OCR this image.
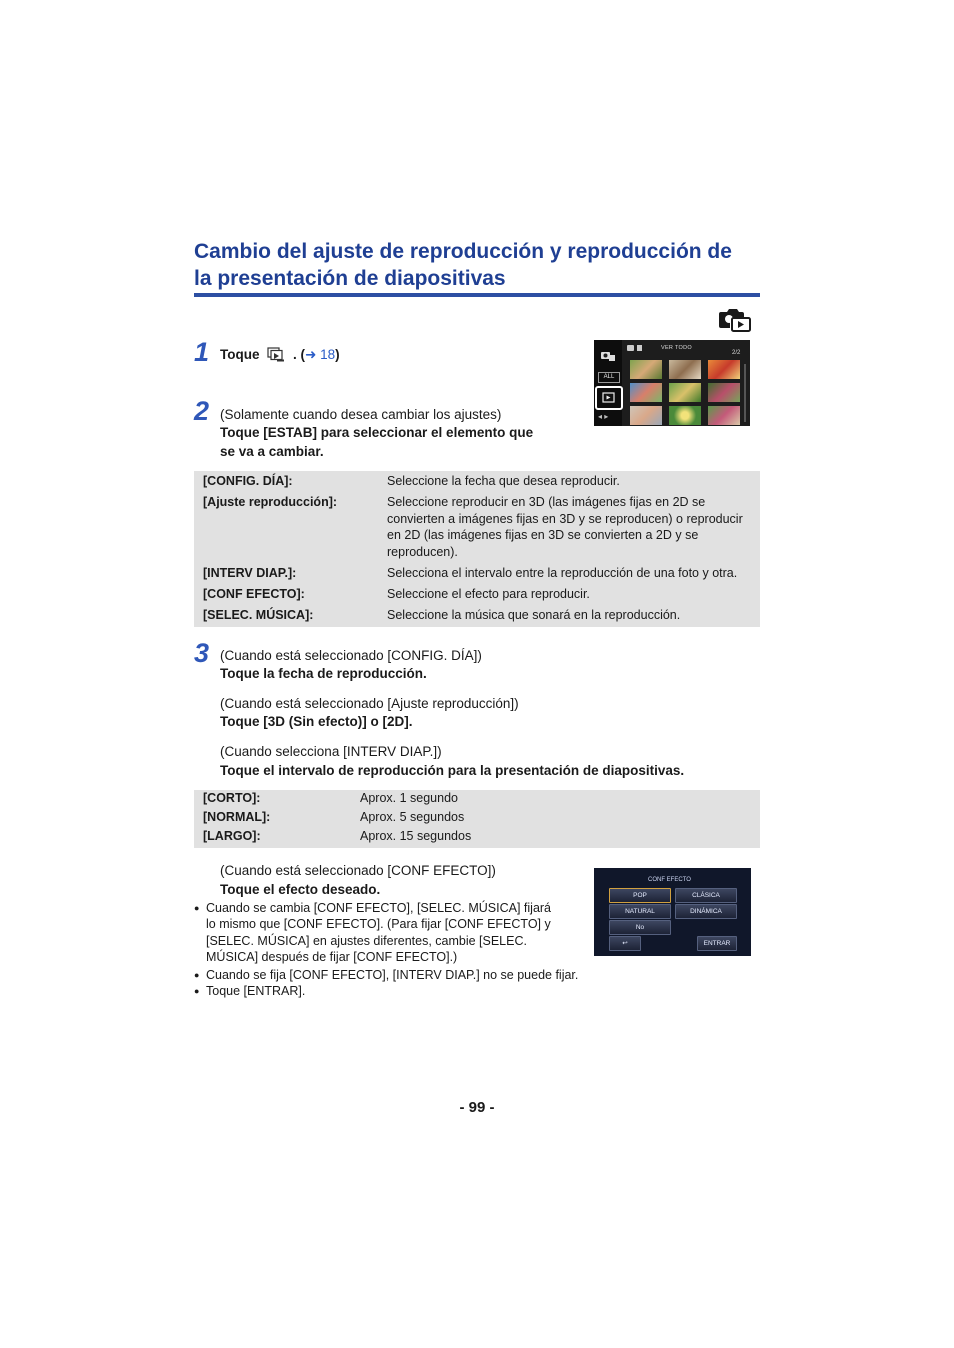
Cambio del ajuste de reproducción y reproducción de
la presentación de diapositivas
1 Toque . (➜ 18)
ALL
◂ ▸
VER TODO
2/2
2 (Solamente cuando desea cambiar los ajustes)
Toque [ESTAB] para seleccionar el elemento que
se va a cambiar.
[CONFIG. DÍA]:	Seleccione la fecha que desea reproducir.
[Ajuste reproducción]:	Seleccione reproducir en 3D (las imágenes fijas en 2D se
convierten a imágenes fijas en 3D y se reproducen) o reproducir
en 2D (las imágenes fijas en 3D se convierten a 2D y se
reproducen).
[INTERV DIAP.]:	Selecciona el intervalo entre la reproducción de una foto y otra.
[CONF EFECTO]:	Seleccione el efecto para reproducir.
[SELEC. MÚSICA]:	Seleccione la música que sonará en la reproducción.
3 (Cuando está seleccionado [CONFIG. DÍA])
Toque la fecha de reproducción.
(Cuando está seleccionado [Ajuste reproducción])
Toque [3D (Sin efecto)] o [2D].
(Cuando selecciona [INTERV DIAP.])
Toque el intervalo de reproducción para la presentación de diapositivas.
[CORTO]:	Aprox. 1 segundo
[NORMAL]:	Aprox. 5 segundos
[LARGO]:	Aprox. 15 segundos
(Cuando está seleccionado [CONF EFECTO])
Toque el efecto deseado.
● Cuando se cambia [CONF EFECTO], [SELEC. MÚSICA] fijará
lo mismo que [CONF EFECTO]. (Para fijar [CONF EFECTO] y
[SELEC. MÚSICA] en ajustes diferentes, cambie [SELEC.
MÚSICA] después de fijar [CONF EFECTO].)
● Cuando se fija [CONF EFECTO], [INTERV DIAP.] no se puede fijar.
● Toque [ENTRAR].
CONF EFECTO
POP	CLÁSICA
NATURAL	DINÁMICA
No
↩	ENTRAR
- 99 -
